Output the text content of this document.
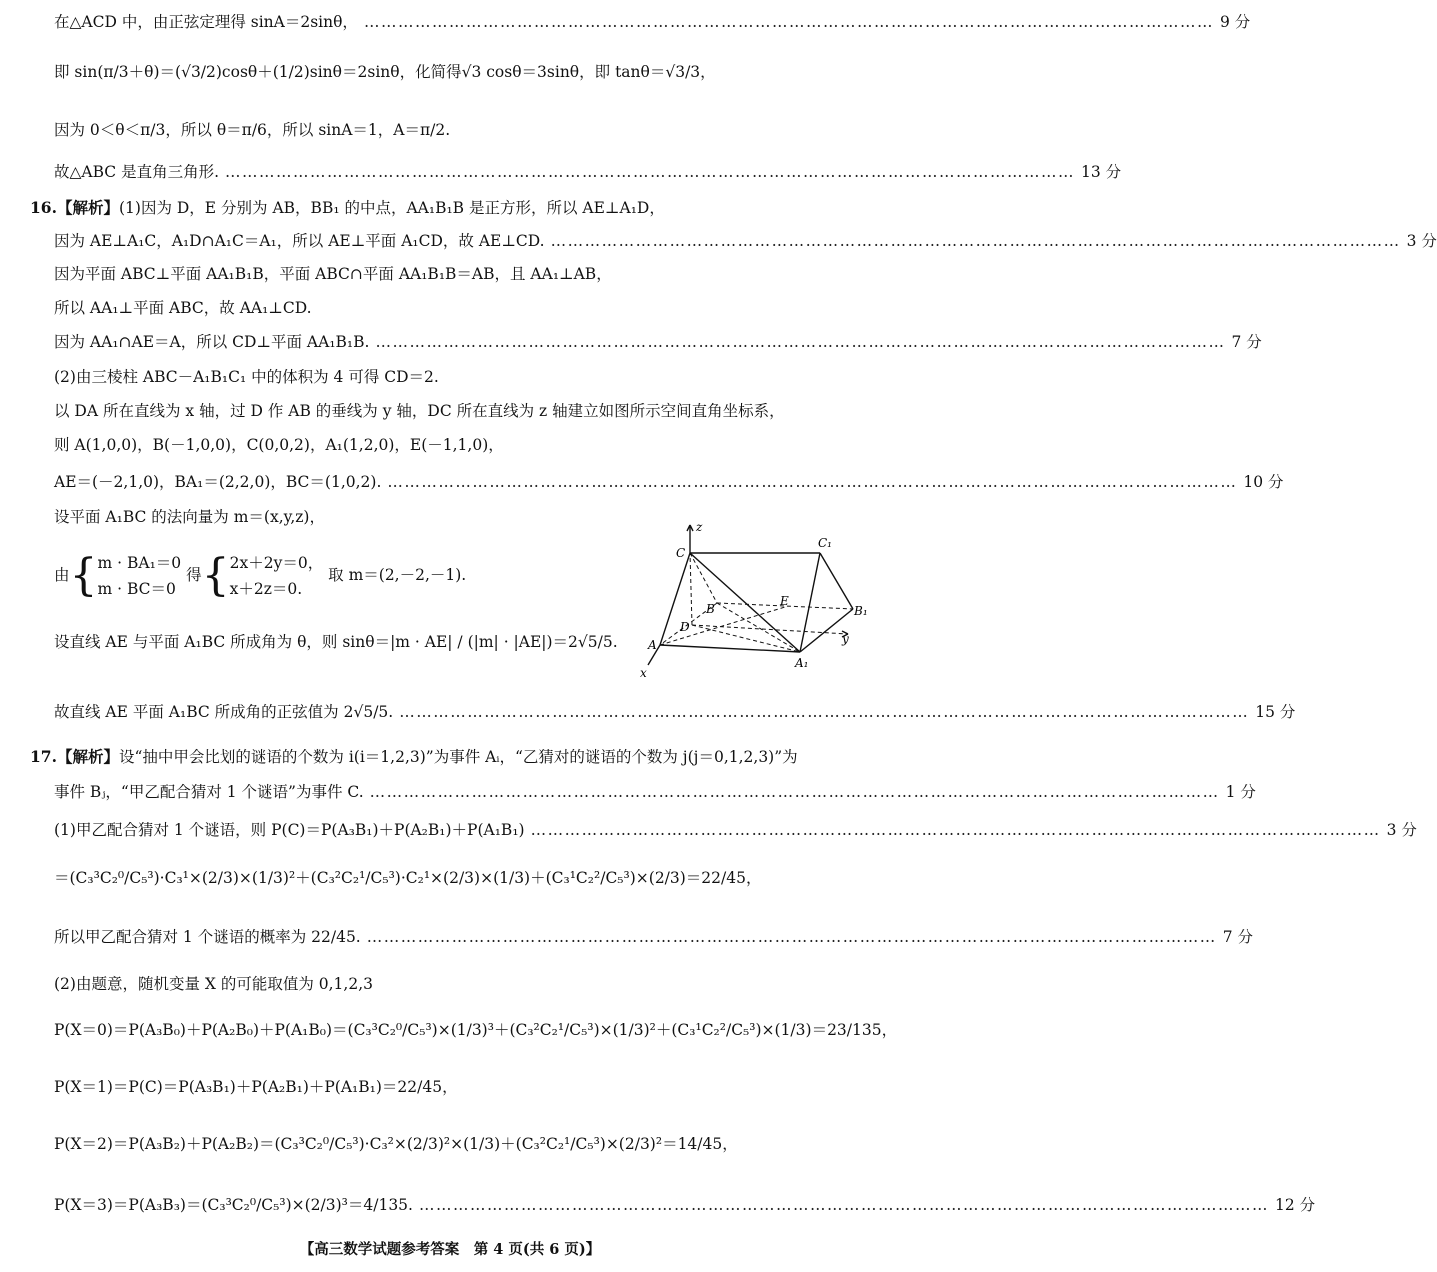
在△ACD 中，由正弦定理得 sinA＝2sinθ， …………………………………………………………………………………………………………………………………… 9 分
即 sin(π/3＋θ)＝(√3/2)cosθ＋(1/2)sinθ＝2sinθ，化简得√3 cosθ＝3sinθ，即 tanθ＝√3/3，
因为 0＜θ＜π/3，所以 θ＝π/6，所以 sinA＝1，A＝π/2.
故△ABC 是直角三角形. …………………………………………………………………………………………………………………………………… 13 分
16.【解析】(1)因为 D，E 分别为 AB，BB₁ 的中点，AA₁B₁B 是正方形，所以 AE⊥A₁D，
因为 AE⊥A₁C，A₁D∩A₁C＝A₁，所以 AE⊥平面 A₁CD，故 AE⊥CD. …………………………………………………………………………………………………………………………………… 3 分
因为平面 ABC⊥平面 AA₁B₁B，平面 ABC∩平面 AA₁B₁B＝AB，且 AA₁⊥AB，
所以 AA₁⊥平面 ABC，故 AA₁⊥CD.
因为 AA₁∩AE＝A，所以 CD⊥平面 AA₁B₁B. …………………………………………………………………………………………………………………………………… 7 分
(2)由三棱柱 ABC－A₁B₁C₁ 中的体积为 4 可得 CD＝2.
以 DA 所在直线为 x 轴，过 D 作 AB 的垂线为 y 轴，DC 所在直线为 z 轴建立如图所示空间直角坐标系，
则 A(1,0,0)，B(－1,0,0)，C(0,0,2)，A₁(1,2,0)，E(－1,1,0)，
AE＝(－2,1,0)，BA₁＝(2,2,0)，BC＝(1,0,2). …………………………………………………………………………………………………………………………………… 10 分
设平面 A₁BC 的法向量为 m＝(x,y,z)，
由{ m · BA₁＝0
m · BC＝0
得{ 2x＋2y＝0，
x＋2z＝0.
取 m＝(2,－2,－1).
设直线 AE 与平面 A₁BC 所成角为 θ，则 sinθ＝|m · AE| / (|m| · |AE|)＝2√5/5.
故直线 AE 平面 A₁BC 所成角的正弦值为 2√5/5. …………………………………………………………………………………………………………………………………… 15 分
z
C
C₁
B
E
B₁
D
y
A
A₁
x
17.【解析】设“抽中甲会比划的谜语的个数为 i(i＝1,2,3)”为事件 Aᵢ，“乙猜对的谜语的个数为 j(j＝0,1,2,3)”为
事件 Bⱼ，“甲乙配合猜对 1 个谜语”为事件 C. …………………………………………………………………………………………………………………………………… 1 分
(1)甲乙配合猜对 1 个谜语，则 P(C)＝P(A₃B₁)＋P(A₂B₁)＋P(A₁B₁) …………………………………………………………………………………………………………………………………… 3 分
＝(C₃³C₂⁰/C₅³)·C₃¹×(2/3)×(1/3)²＋(C₃²C₂¹/C₅³)·C₂¹×(2/3)×(1/3)＋(C₃¹C₂²/C₅³)×(2/3)＝22/45，
所以甲乙配合猜对 1 个谜语的概率为 22/45. …………………………………………………………………………………………………………………………………… 7 分
(2)由题意，随机变量 X 的可能取值为 0,1,2,3
P(X＝0)＝P(A₃B₀)＋P(A₂B₀)＋P(A₁B₀)＝(C₃³C₂⁰/C₅³)×(1/3)³＋(C₃²C₂¹/C₅³)×(1/3)²＋(C₃¹C₂²/C₅³)×(1/3)＝23/135，
P(X＝1)＝P(C)＝P(A₃B₁)＋P(A₂B₁)＋P(A₁B₁)＝22/45，
P(X＝2)＝P(A₃B₂)＋P(A₂B₂)＝(C₃³C₂⁰/C₅³)·C₃²×(2/3)²×(1/3)＋(C₃²C₂¹/C₅³)×(2/3)²＝14/45，
P(X＝3)＝P(A₃B₃)＝(C₃³C₂⁰/C₅³)×(2/3)³＝4/135. …………………………………………………………………………………………………………………………………… 12 分
【高三数学试题参考答案　第 4 页(共 6 页)】
